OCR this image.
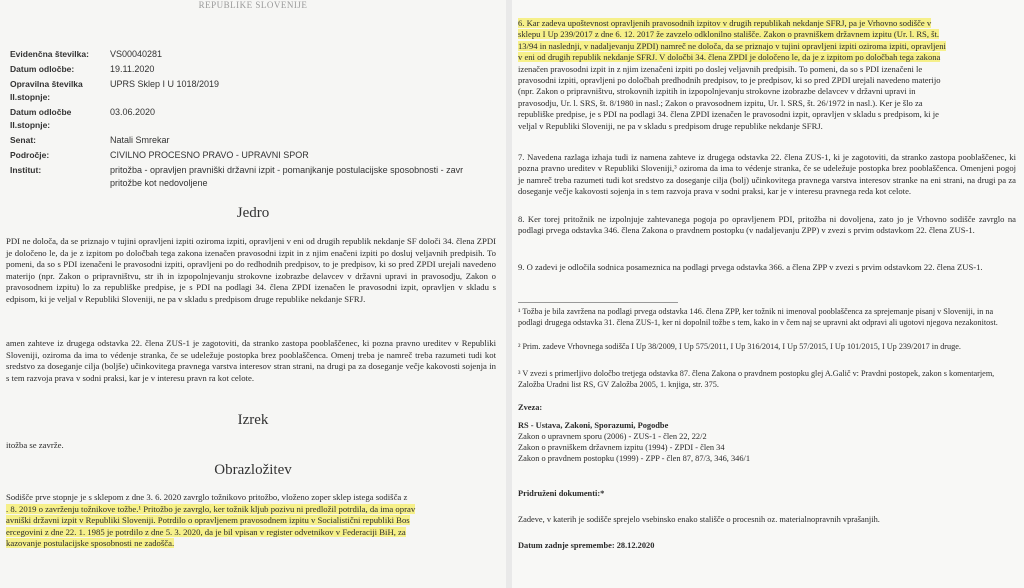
REPUBLIKE SLOVENIJE
Evidenčna številka:	VS00040281
Datum odločbe:	19.11.2020
Opravilna številka II.stopnje:	UPRS Sklep I U 1018/2019
Datum odločbe II.stopnje:	03.06.2020
Senat:	Natali Smrekar
Področje:	CIVILNO PROCESNO PRAVO - UPRAVNI SPOR
Institut:	pritožba - opravljen pravniški državni izpit - pomanjkanje postulacijske sposobnosti - zavr pritožbe kot nedovoljene
Jedro
PDI ne določa, da se priznajo v tujini opravljeni izpiti oziroma izpiti, opravljeni v eni od drugih republik nekdanje SF določi 34. člena ZPDI je določeno le, da je z izpitom po določbah tega zakona izenačen pravosodni izpit in z njim enačeni izpiti po dosluj veljavnih predpisih. To pomeni, da so s PDI izenačeni le pravosodni izpiti, opravljeni po do redhodnih predpisov, to je predpisov, ki so pred ZPDI urejali navedeno materijo (npr. Zakon o pripravništvu, str ih in izpopolnjevanju strokovne izobrazbe delavcev v državni upravi in pravosodju, Zakon o pravosodnem izpitu) lo za republiške predpise, je s PDI na podlagi 34. člena ZPDI izenačen le pravosodni izpit, opravljen v skladu s edpisom, ki je veljal v Republiki Sloveniji, ne pa v skladu s predpisom druge republike nekdanje SFRJ.
amen zahteve iz drugega odstavka 22. člena ZUS-1 je zagotoviti, da stranko zastopa pooblaščenec, ki pozna pravno ureditev v Republiki Sloveniji, oziroma da ima to védenje stranka, če se udeležuje postopka brez pooblaščenca. Omenj treba je namreč treba razumeti tudi kot sredstvo za doseganje cilja (boljše) učinkovitega pravnega varstva interesov stran strani, na drugi pa za doseganje večje kakovosti sojenja in s tem razvoja prava v sodni praksi, kar je v interesu pravn ra kot celote.
Izrek
itožba se zavrže.
Obrazložitev
Sodišče prve stopnje je s sklepom z dne 3. 6. 2020 zavrglo tožnikovo pritožbo, vloženo zoper sklep istega sodišča z
. 8. 2019 o zavrženju tožnikove tožbe.¹ Pritožbo je zavrglo, ker tožnik kljub pozivu ni predložil potrdila, da ima oprav
avniški državni izpit v Republiki Sloveniji. Potrdilo o opravljenem pravosodnem izpitu v Socialistični republiki Bos
ercegovini z dne 22. 1. 1985 je potrdilo z dne 5. 3. 2020, da je bil vpisan v register odvetnikov v Federaciji BiH, za
kazovanje postulacijske sposobnosti ne zadošča.
6. Kar zadeva upoštevnost opravljenih pravosodnih izpitov v drugih republikah nekdanje SFRJ, pa je Vrhovno sodišče v
sklepu I Up 239/2017 z dne 6. 12. 2017 že zavzelo odklonilno stališče. Zakon o pravniškem državnem izpitu (Ur. l. RS, št.
13/94 in naslednji, v nadaljevanju ZPDI) namreč ne določa, da se priznajo v tujini opravljeni izpiti oziroma izpiti, opravljeni
v eni od drugih republik nekdanje SFRJ. V določbi 34. člena ZPDI je določeno le, da je z izpitom po določbah tega zakona
izenačen pravosodni izpit in z njim izenačeni izpiti po doslej veljavnih predpisih. To pomeni, da so s PDI izenačeni le
pravosodni izpiti, opravljeni po določbah predhodnih predpisov, to je predpisov, ki so pred ZPDI urejali navedeno materijo
(npr. Zakon o pripravništvu, strokovnih izpitih in izpopolnjevanju strokovne izobrazbe delavcev v državni upravi in
pravosodju, Ur. l. SRS, št. 8/1980 in nasl.; Zakon o pravosodnem izpitu, Ur. l. SRS, št. 26/1972 in nasl.). Ker je šlo za
republiške predpise, je s PDI na podlagi 34. člena ZPDI izenačen le pravosodni izpit, opravljen v skladu s predpisom, ki je
veljal v Republiki Sloveniji, ne pa v skladu s predpisom druge republike nekdanje SFRJ.
7. Navedena razlaga izhaja tudi iz namena zahteve iz drugega odstavka 22. člena ZUS-1, ki je zagotoviti, da stranko zastopa pooblaščenec, ki pozna pravno ureditev v Republiki Sloveniji,³ oziroma da ima to védenje stranka, če se udeležuje postopka brez pooblaščenca. Omenjeni pogoj je namreč treba razumeti tudi kot sredstvo za doseganje cilja (bolj) učinkovitega pravnega varstva interesov stranke na eni strani, na drugi pa za doseganje večje kakovosti sojenja in s tem razvoja prava v sodni praksi, kar je v interesu pravnega reda kot celote.
8. Ker torej pritožnik ne izpolnjuje zahtevanega pogoja po opravljenem PDI, pritožba ni dovoljena, zato jo je Vrhovno sodišče zavrglo na podlagi prvega odstavka 346. člena Zakona o pravdnem postopku (v nadaljevanju ZPP) v zvezi s prvim odstavkom 22. člena ZUS-1.
9. O zadevi je odločila sodnica posameznica na podlagi prvega odstavka 366. a člena ZPP v zvezi s prvim odstavkom 22. člena ZUS-1.
¹ Tožba je bila zavržena na podlagi prvega odstavka 146. člena ZPP, ker tožnik ni imenoval pooblaščenca za sprejemanje pisanj v Sloveniji, in na podlagi drugega odstavka 31. člena ZUS-1, ker ni dopolnil tožbe s tem, kako in v čem naj se upravni akt odpravi ali ugotovi njegova nezakonitost.
² Prim. zadeve Vrhovnega sodišča I Up 38/2009, I Up 575/2011, I Up 316/2014, I Up 57/2015, I Up 101/2015, I Up 239/2017 in druge.
³ V zvezi s primerljivo določbo tretjega odstavka 87. člena Zakona o pravdnem postopku glej A.Galič v: Pravdni postopek, zakon s komentarjem, Založba Uradni list RS, GV Založba 2005, 1. knjiga, str. 375.
Zveza:
RS - Ustava, Zakoni, Sporazumi, Pogodbe
Zakon o upravnem sporu (2006) - ZUS-1 - člen 22, 22/2
Zakon o pravniškem državnem izpitu (1994) - ZPDI - člen 34
Zakon o pravdnem postopku (1999) - ZPP - člen 87, 87/3, 346, 346/1
Pridruženi dokumenti:*
Zadeve, v katerih je sodišče sprejelo vsebinsko enako stališče o procesnih oz. materialnopravnih vprašanjih.
Datum zadnje spremembe: 28.12.2020
